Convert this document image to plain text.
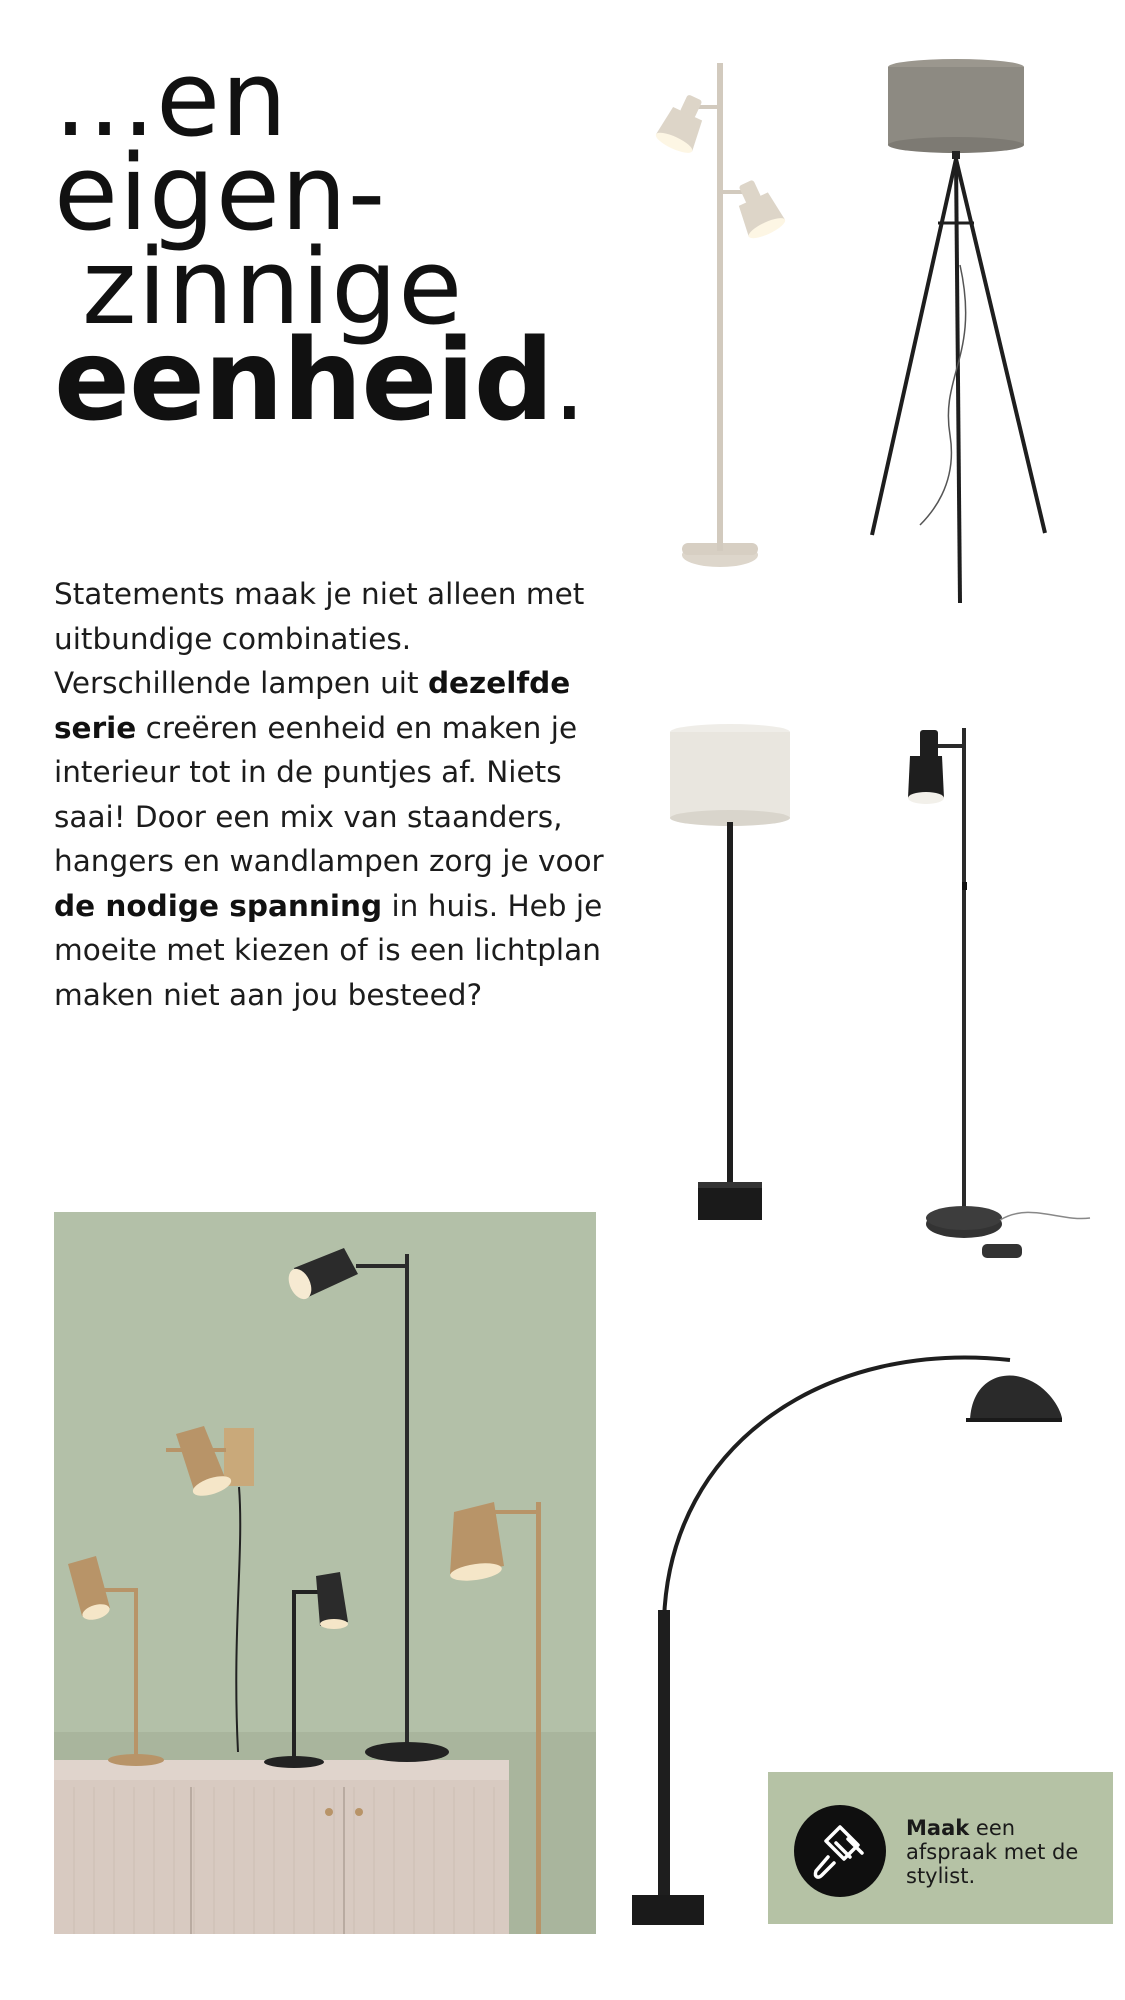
...en
eigen-
zinnige
eenheid.
Statements maak je niet alleen met uitbundige combinaties. Verschillende lampen uit dezelfde serie creëren eenheid en maken je interieur tot in de puntjes af. Niets saai! Door een mix van staanders, hangers en wandlampen zorg je voor de nodige spanning in huis. Heb je moeite met kiezen of is een lichtplan maken niet aan jou besteed?
Maak een afspraak met de stylist.
